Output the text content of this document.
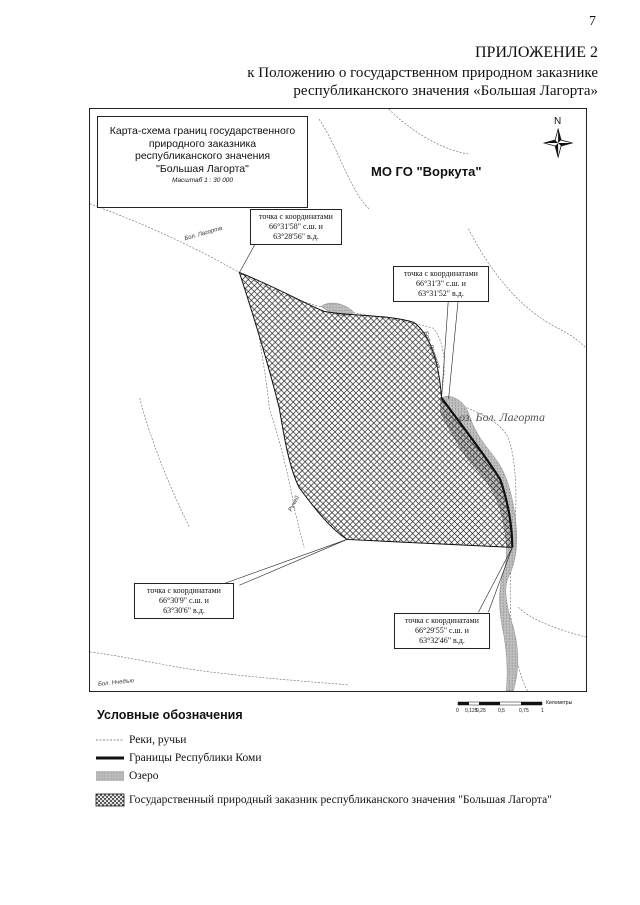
7
ПРИЛОЖЕНИЕ 2
к Положению о государственном природном заказнике
республиканского значения «Большая Лагорта»
Карта-схема границ государственного
природного заказника
республиканского значения
"Большая Лагорта"
Масштаб 1 : 30 000
N
МО ГО "Воркута"
оз. Бол. Лагорта
Бол. Лагорта
Бол. Лагорта
Ручей
Бол. Нчедъю
точка с координатами
66°31'58" с.ш. и
63°28'56" в.д.
точка с координатами
66°31'3" с.ш. и
63°31'52" в.д.
точка с координатами
66°30'9" с.ш. и
63°30'6" в.д.
точка с координатами
66°29'55" с.ш. и
63°32'46" в.д.
0 0,125
0,25 0,5	0,75 1
Километры
Условные обозначения
Реки, ручьи
Границы Республики Коми
Озеро
Государственный природный заказник республиканского значения "Большая Лагорта"
